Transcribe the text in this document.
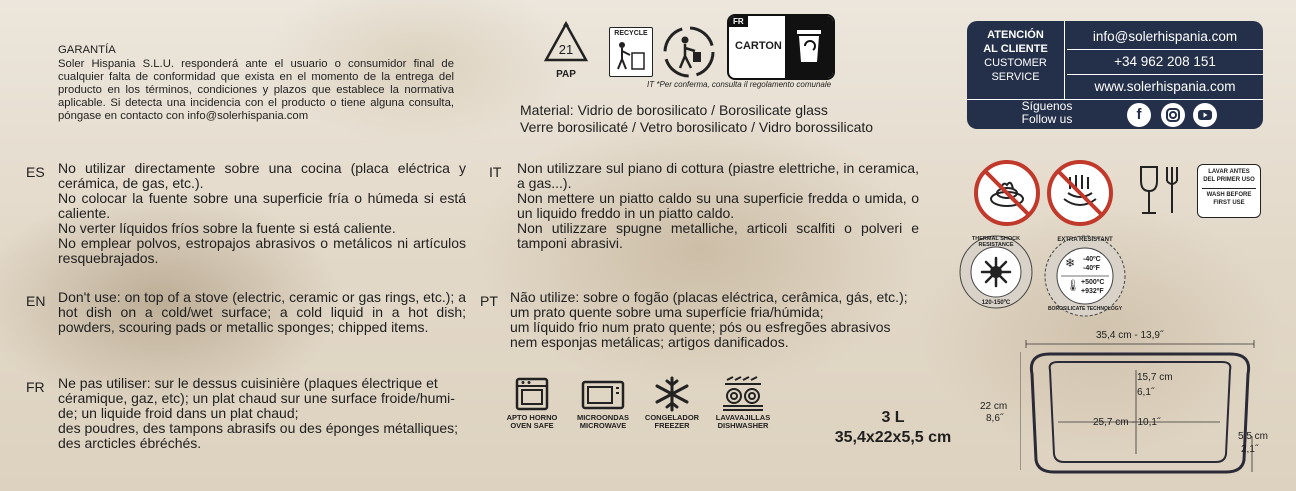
GARANTÍA
Soler Hispania S.L.U. responderá ante el usuario o consumidor final de cualquier falta de conformidad que exista en el momento de la entrega del producto en los términos, condiciones y plazos que establece la normativa aplicable. Si detecta una incidencia con el producto o tiene alguna consulta, póngase en contacto con info@solerhispania.com
21
PAP
RECYCLE
FR
CARTON
IT *Per conferma, consulta il regolamento comunale
Material: Vidrio de borosilicato / Borosilicate glass
Verre borosilicaté / Vetro borosilicato / Vidro borossilicato
ATENCIÓN
AL CLIENTE
CUSTOMER
SERVICE
info@solerhispania.com
+34 962 208 151
www.solerhispania.com
Síguenos
Follow us	f
ES No utilizar directamente sobre una cocina (placa eléctrica y cerámica, de gas, etc.).
No colocar la fuente sobre una superficie fría o húmeda si está caliente.
No verter líquidos fríos sobre la fuente si está caliente.
No emplear polvos, estropajos abrasivos o metálicos ni artículos resquebrajados.
IT Non utilizzare sul piano di cottura (piastre elettriche, in ceramica, a gas...).
Non mettere un piatto caldo su una superficie fredda o umida, o un liquido freddo in un piatto caldo.
Non utilizzare spugne metalliche, articoli scalfiti o polveri e tamponi abrasivi.
EN Don't use: on top of a stove (electric, ceramic or gas rings, etc.); a hot dish on a cold/wet surface; a cold liquid in a hot dish; powders, scouring pads or metallic sponges; chipped items.
PT Não utilize: sobre o fogão (placas eléctrica, cerâmica, gás, etc.);
um prato quente sobre uma superfície fria/húmida;
um líquido frio num prato quente; pós ou esfregões abrasivos
nem esponjas metálicas; artigos danificados.
FR Ne pas utiliser: sur le dessus cuisinière (plaques électrique et céramique, gaz, etc); un plat chaud sur une surface froide/humi-de; un liquide froid dans un plat chaud;
des poudres, des tampons abrasifs ou des éponges métalliques;
des arcticles ébréchés.
APTO HORNO
OVEN SAFE
MICROONDAS
MICROWAVE
CONGELADOR
FREEZER
LAVAVAJILLAS
DISHWASHER	3 L
35,4x22x5,5 cm
LAVAR ANTES
DEL PRIMER USO
WASH BEFORE
FIRST USE
THERMAL SHOCK RESISTANCE
120-150ºC
EXTRA RESISTANT
❄ -40ºC
-40ºF
🌡 +500ºC
+932ºF
BOROSILICATE TECHNOLOGY
35,4 cm - 13,9˝
22 cm
8,6˝
15,7 cm
6,1˝
25,7 cm - 10,1˝
5,5 cm
2,1˝
